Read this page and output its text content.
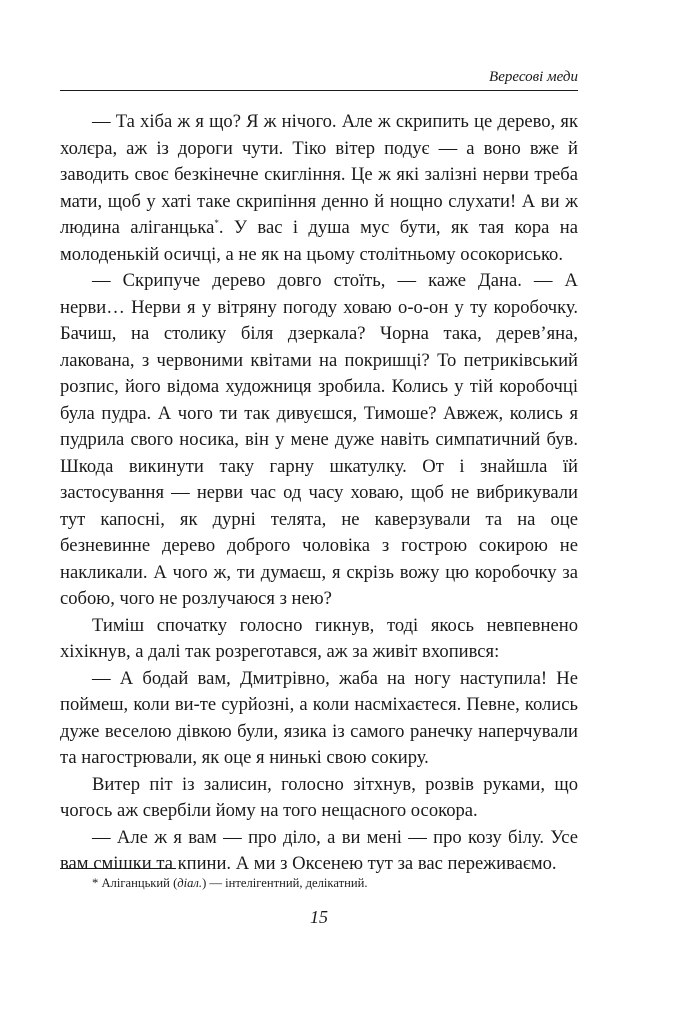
Вересові меди

— Та хіба ж я що? Я ж нічого. Але ж скрипить це дерево, як холєра, аж із дороги чути. Тіко вітер подує — а воно вже й заводить своє безкінечне скигління. Це ж які залізні нерви треба мати, щоб у хаті таке скрипіння денно й нощно слухати! А ви ж людина аліганцька*. У вас і душа мус бути, як тая кора на молоденькій осичці, а не як на цьому столітньому осокорисько.

— Скрипуче дерево довго стоїть, — каже Дана. — А нерви… Нерви я у вітряну погоду ховаю о-о-он у ту коробочку. Бачиш, на столику біля дзеркала? Чорна така, дерев’яна, лакована, з червоними квітами на покришці? То петриківський розпис, його відома художниця зробила. Колись у тій коробочці була пудра. А чого ти так дивуєшся, Тимоше? Авжеж, колись я пудрила свого носика, він у мене дуже навіть симпатичний був. Шкода викинути таку гарну шкатулку. От і знайшла їй застосування — нерви час од часу ховаю, щоб не вибрикували тут капосні, як дурні телята, не каверзували та на оце безневинне дерево доброго чоловіка з гострою сокирою не накликали. А чого ж, ти думаєш, я скрізь вожу цю коробочку за собою, чого не розлучаюся з нею?

Тиміш спочатку голосно гикнув, тоді якось невпевнено хіхікнув, а далі так розреготався, аж за живіт вхопився:

— А бодай вам, Дмитрівно, жаба на ногу наступила! Не поймеш, коли ви-те сурйозні, а коли насміхаєтеся. Певне, колись дуже веселою дівкою були, язика із самого ранечку наперчували та нагострювали, як оце я нинькі свою сокиру.

Витер піт із залисин, голосно зітхнув, розвів руками, що чогось аж свербіли йому на того нещасного осокора.

— Але ж я вам — про діло, а ви мені — про козу білу. Усе вам смішки та кпини. А ми з Оксенею тут за вас переживаємо.

* Аліганцький (діал.) — інтелігентний, делікатний.
15
